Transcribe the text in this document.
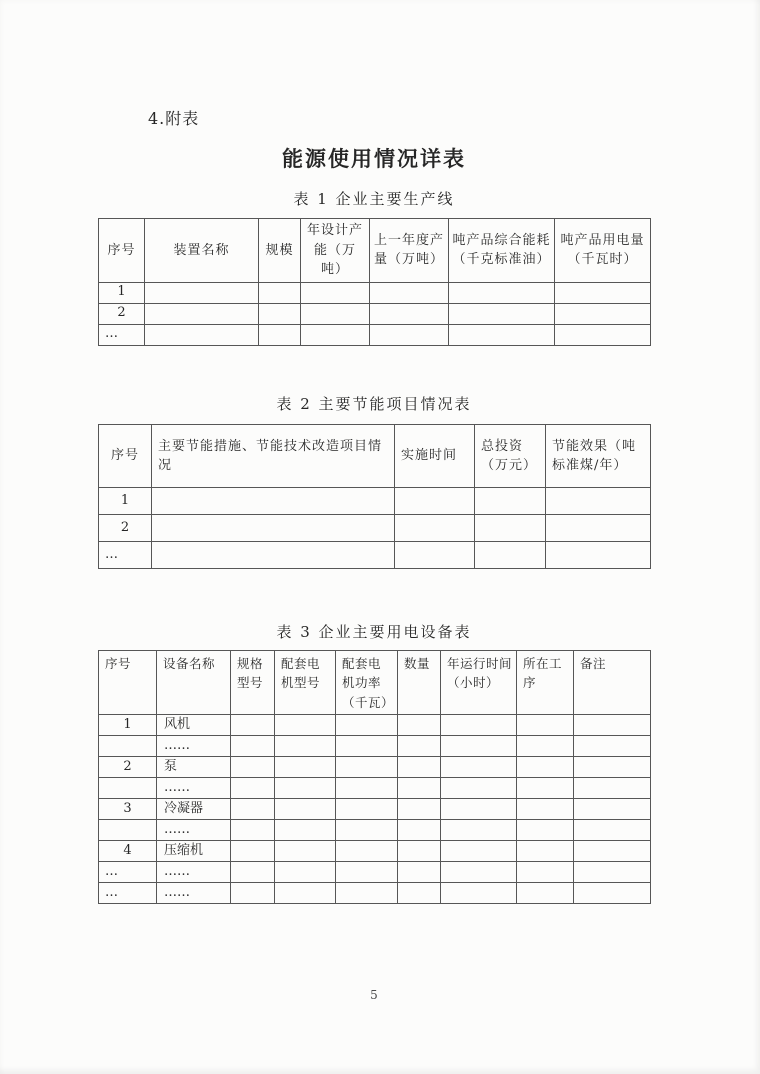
4.附表
能源使用情况详表
表 1 企业主要生产线
序号	装置名称	规模	年设计产能（万吨）	上一年度产量（万吨）	吨产品综合能耗（千克标准油）	吨产品用电量（千瓦时）
1						
2						
…						
表 2 主要节能项目情况表
序号	主要节能措施、节能技术改造项目情况	实施时间	总投资（万元）	节能效果（吨标准煤/年）
1				
2				
…				
表 3 企业主要用电设备表
序号	设备名称	规格型号	配套电机型号	配套电机功率（千瓦）	数量	年运行时间（小时）	所在工序	备注
1	风机							
	……							
2	泵							
	……							
3	冷凝器							
	……							
4	压缩机							
…	……							
…	……							
5
